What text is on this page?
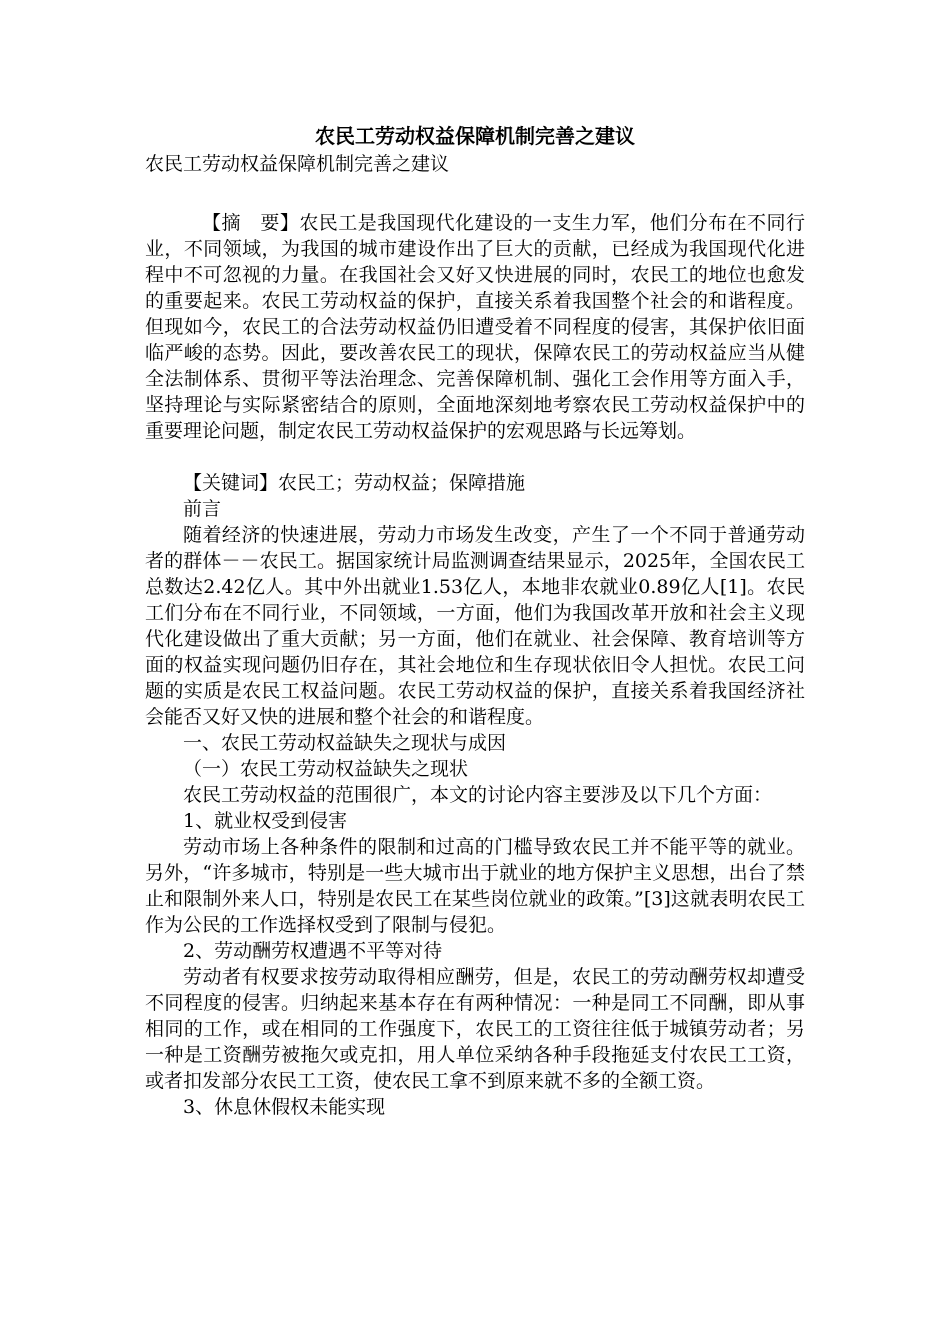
农民工劳动权益保障机制完善之建议

农民工劳动权益保障机制完善之建议

【摘　要】农民工是我国现代化建设的一支生力军，他们分布在不同行业，不同领域，为我国的城市建设作出了巨大的贡献，已经成为我国现代化进程中不可忽视的力量。在我国社会又好又快进展的同时，农民工的地位也愈发的重要起来。农民工劳动权益的保护，直接关系着我国整个社会的和谐程度。但现如今，农民工的合法劳动权益仍旧遭受着不同程度的侵害，其保护依旧面临严峻的态势。因此，要改善农民工的现状，保障农民工的劳动权益应当从健全法制体系、贯彻平等法治理念、完善保障机制、强化工会作用等方面入手，坚持理论与实际紧密结合的原则，全面地深刻地考察农民工劳动权益保护中的重要理论问题，制定农民工劳动权益保护的宏观思路与长远筹划。

【关键词】农民工；劳动权益；保障措施

前言

随着经济的快速进展，劳动力市场发生改变，产生了一个不同于普通劳动者的群体－－农民工。据国家统计局监测调查结果显示，2025年，全国农民工总数达2.42亿人。其中外出就业1.53亿人，本地非农就业0.89亿人[1]。农民工们分布在不同行业，不同领域，一方面，他们为我国改革开放和社会主义现代化建设做出了重大贡献；另一方面，他们在就业、社会保障、教育培训等方面的权益实现问题仍旧存在，其社会地位和生存现状依旧令人担忧。农民工问题的实质是农民工权益问题。农民工劳动权益的保护，直接关系着我国经济社会能否又好又快的进展和整个社会的和谐程度。

一、农民工劳动权益缺失之现状与成因

（一）农民工劳动权益缺失之现状

农民工劳动权益的范围很广，本文的讨论内容主要涉及以下几个方面：

1、就业权受到侵害

劳动市场上各种条件的限制和过高的门槛导致农民工并不能平等的就业。另外，“许多城市，特别是一些大城市出于就业的地方保护主义思想，出台了禁止和限制外来人口，特别是农民工在某些岗位就业的政策。”[3]这就表明农民工作为公民的工作选择权受到了限制与侵犯。

2、劳动酬劳权遭遇不平等对待

劳动者有权要求按劳动取得相应酬劳，但是，农民工的劳动酬劳权却遭受不同程度的侵害。归纳起来基本存在有两种情况：一种是同工不同酬，即从事相同的工作，或在相同的工作强度下，农民工的工资往往低于城镇劳动者；另一种是工资酬劳被拖欠或克扣，用人单位采纳各种手段拖延支付农民工工资，或者扣发部分农民工工资，使农民工拿不到原来就不多的全额工资。

3、休息休假权未能实现
